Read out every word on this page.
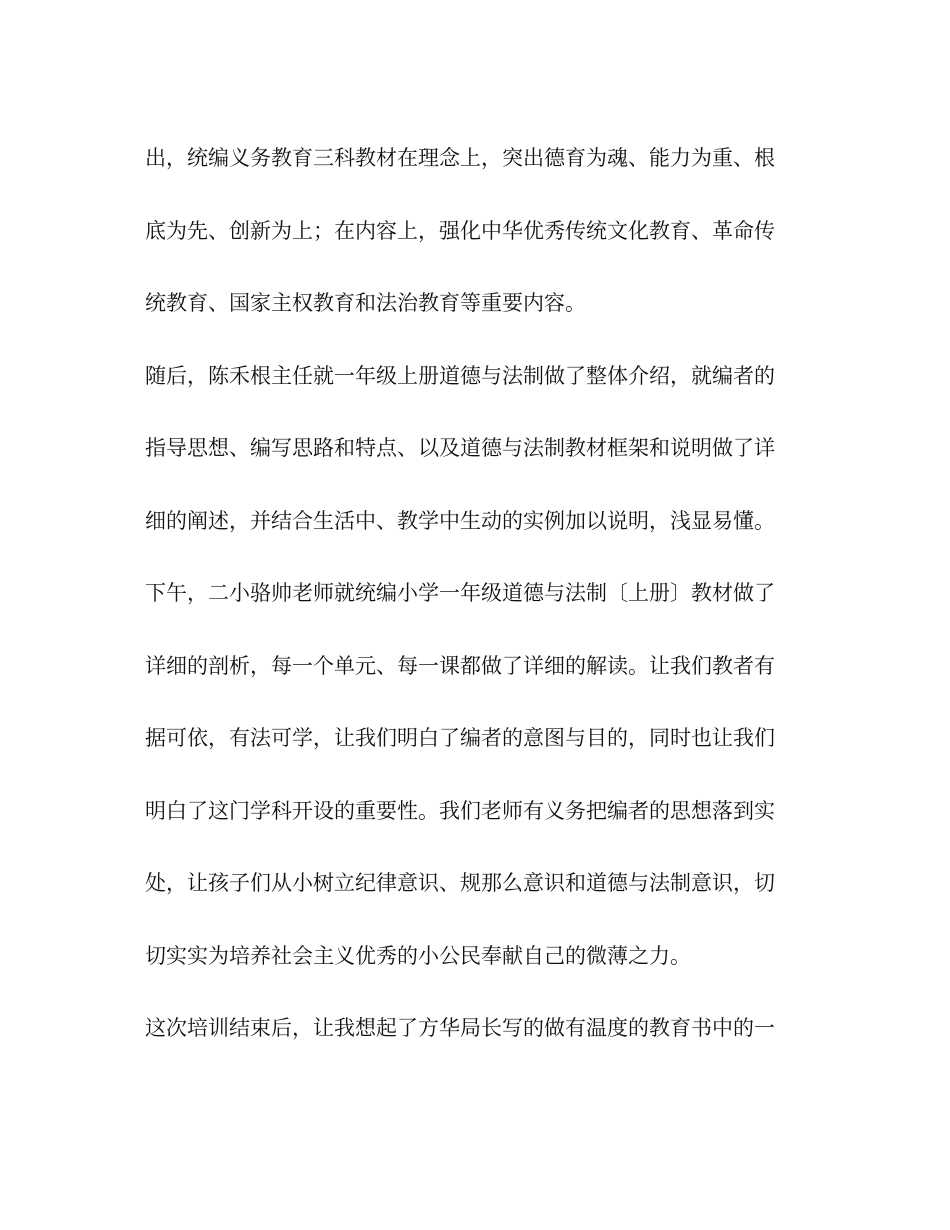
出，统编义务教育三科教材在理念上，突出德育为魂、能力为重、根
底为先、创新为上；在内容上，强化中华优秀传统文化教育、革命传
统教育、国家主权教育和法治教育等重要内容。
随后，陈禾根主任就一年级上册道德与法制做了整体介绍，就编者的
指导思想、编写思路和特点、以及道德与法制教材框架和说明做了详
细的阐述，并结合生活中、教学中生动的实例加以说明，浅显易懂。
下午，二小骆帅老师就统编小学一年级道德与法制〔上册〕教材做了
详细的剖析，每一个单元、每一课都做了详细的解读。让我们教者有
据可依，有法可学，让我们明白了编者的意图与目的，同时也让我们
明白了这门学科开设的重要性。我们老师有义务把编者的思想落到实
处，让孩子们从小树立纪律意识、规那么意识和道德与法制意识，切
切实实为培养社会主义优秀的小公民奉献自己的微薄之力。
这次培训结束后，让我想起了方华局长写的做有温度的教育书中的一
